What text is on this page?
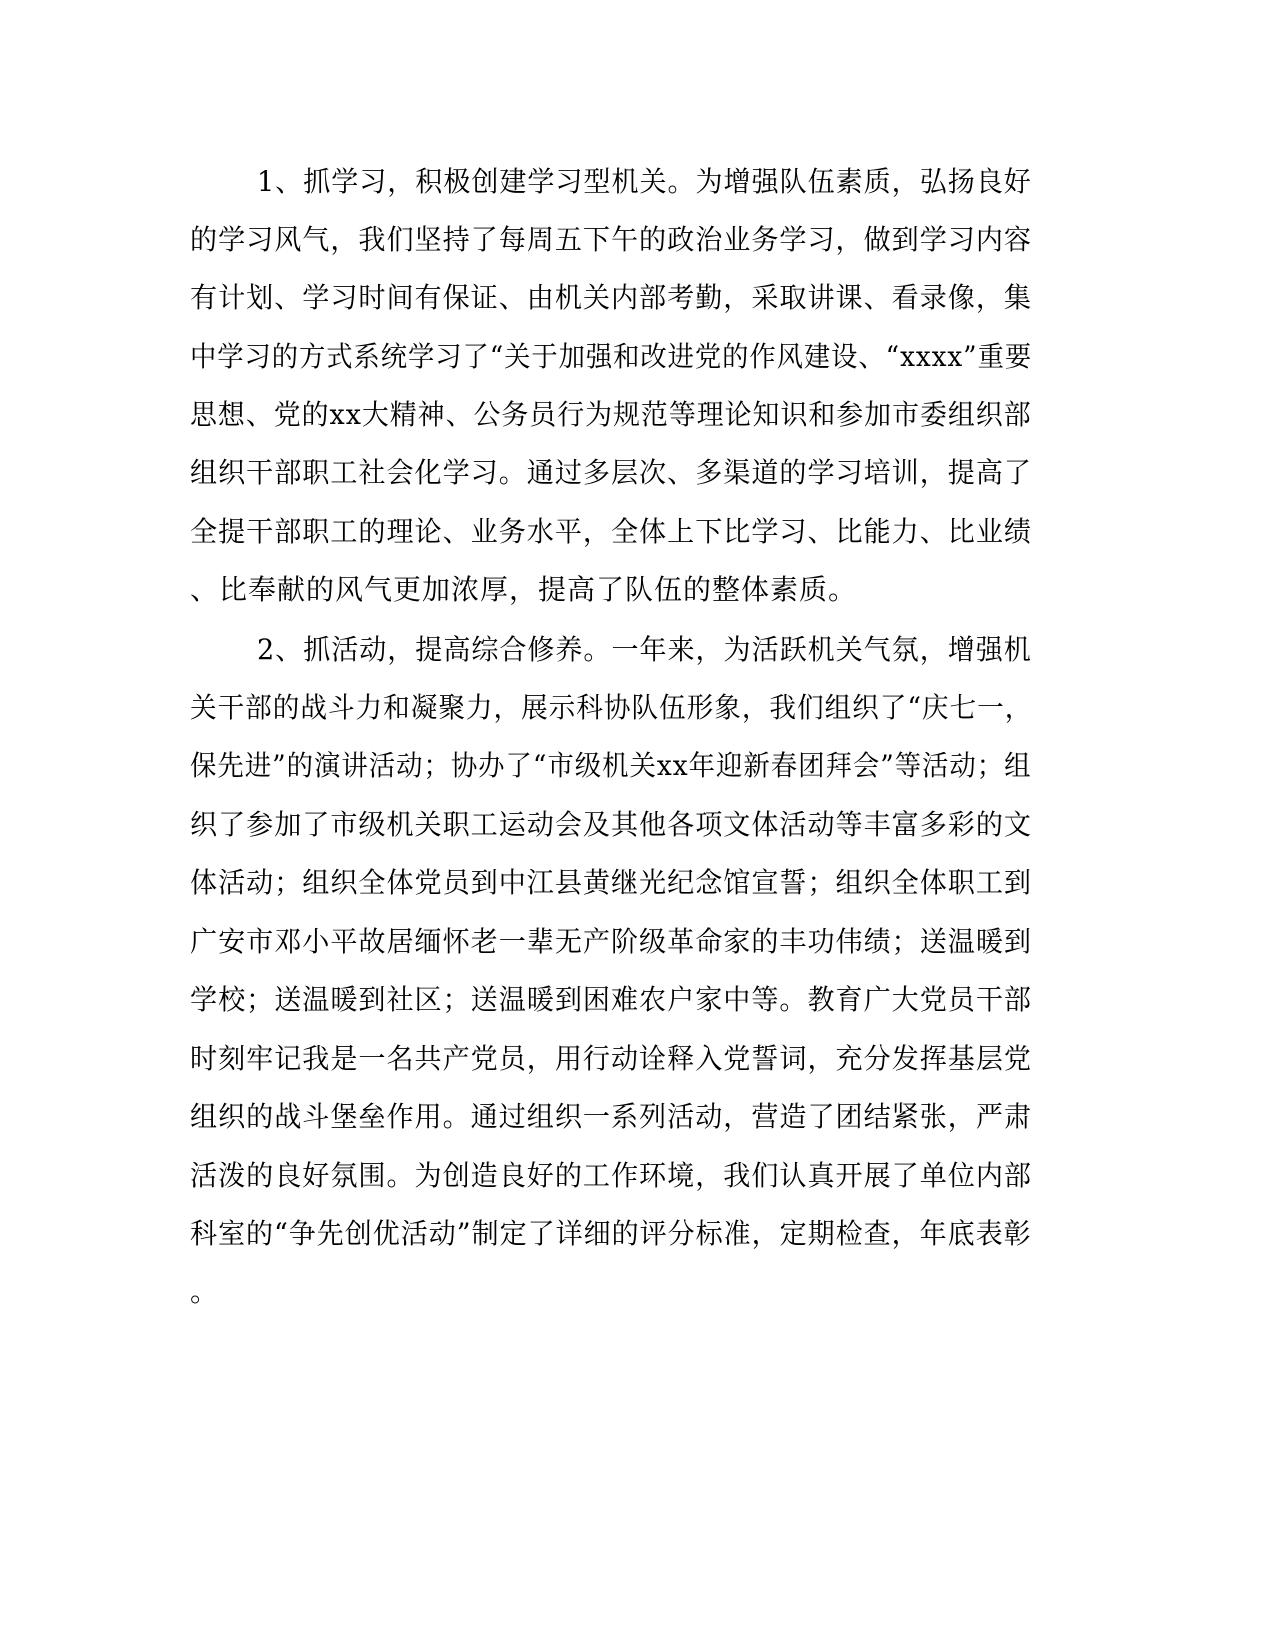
1、抓学习，积极创建学习型机关。为增强队伍素质，弘扬良好
的学习风气，我们坚持了每周五下午的政治业务学习，做到学习内容
有计划、学习时间有保证、由机关内部考勤，采取讲课、看录像，集
中学习的方式系统学习了“关于加强和改进党的作风建设、“xxxx”重要
思想、党的xx大精神、公务员行为规范等理论知识和参加市委组织部
组织干部职工社会化学习。通过多层次、多渠道的学习培训，提高了
全提干部职工的理论、业务水平，全体上下比学习、比能力、比业绩
、比奉献的风气更加浓厚，提高了队伍的整体素质。
2、抓活动，提高综合修养。一年来，为活跃机关气氛，增强机
关干部的战斗力和凝聚力，展示科协队伍形象，我们组织了“庆七一，
保先进”的演讲活动；协办了“市级机关xx年迎新春团拜会”等活动；组
织了参加了市级机关职工运动会及其他各项文体活动等丰富多彩的文
体活动；组织全体党员到中江县黄继光纪念馆宣誓；组织全体职工到
广安市邓小平故居缅怀老一辈无产阶级革命家的丰功伟绩；送温暖到
学校；送温暖到社区；送温暖到困难农户家中等。教育广大党员干部
时刻牢记我是一名共产党员，用行动诠释入党誓词，充分发挥基层党
组织的战斗堡垒作用。通过组织一系列活动，营造了团结紧张，严肃
活泼的良好氛围。为创造良好的工作环境，我们认真开展了单位内部
科室的“争先创优活动”制定了详细的评分标准，定期检查，年底表彰
。
